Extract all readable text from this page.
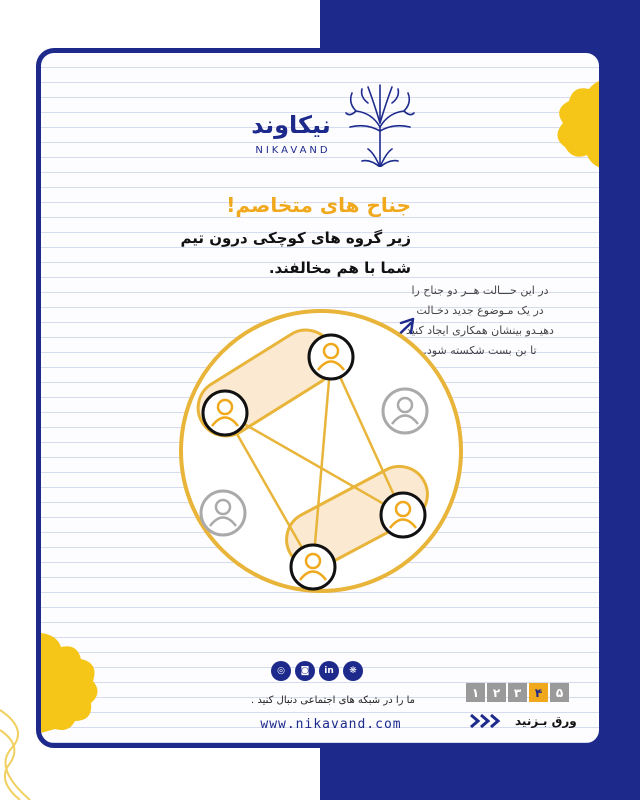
نیکاوند
NIKAVAND
جناح های متخاصم!
زیر گروه های کوچکی درون تیم
شما با هم مخالفند.
در این حـــالت هــر دو جناح را در یک مـوضوع جدید دخـالت دهیـدو بینشان همکاری ایجاد کنید تا بن بست شکسته شود.
◎	◙	in	❋
ما را در شبکه های اجتماعی دنبال کنید .
www.nikavand.com
۱	۲	۳	۴	۵
ورق بـزنید
